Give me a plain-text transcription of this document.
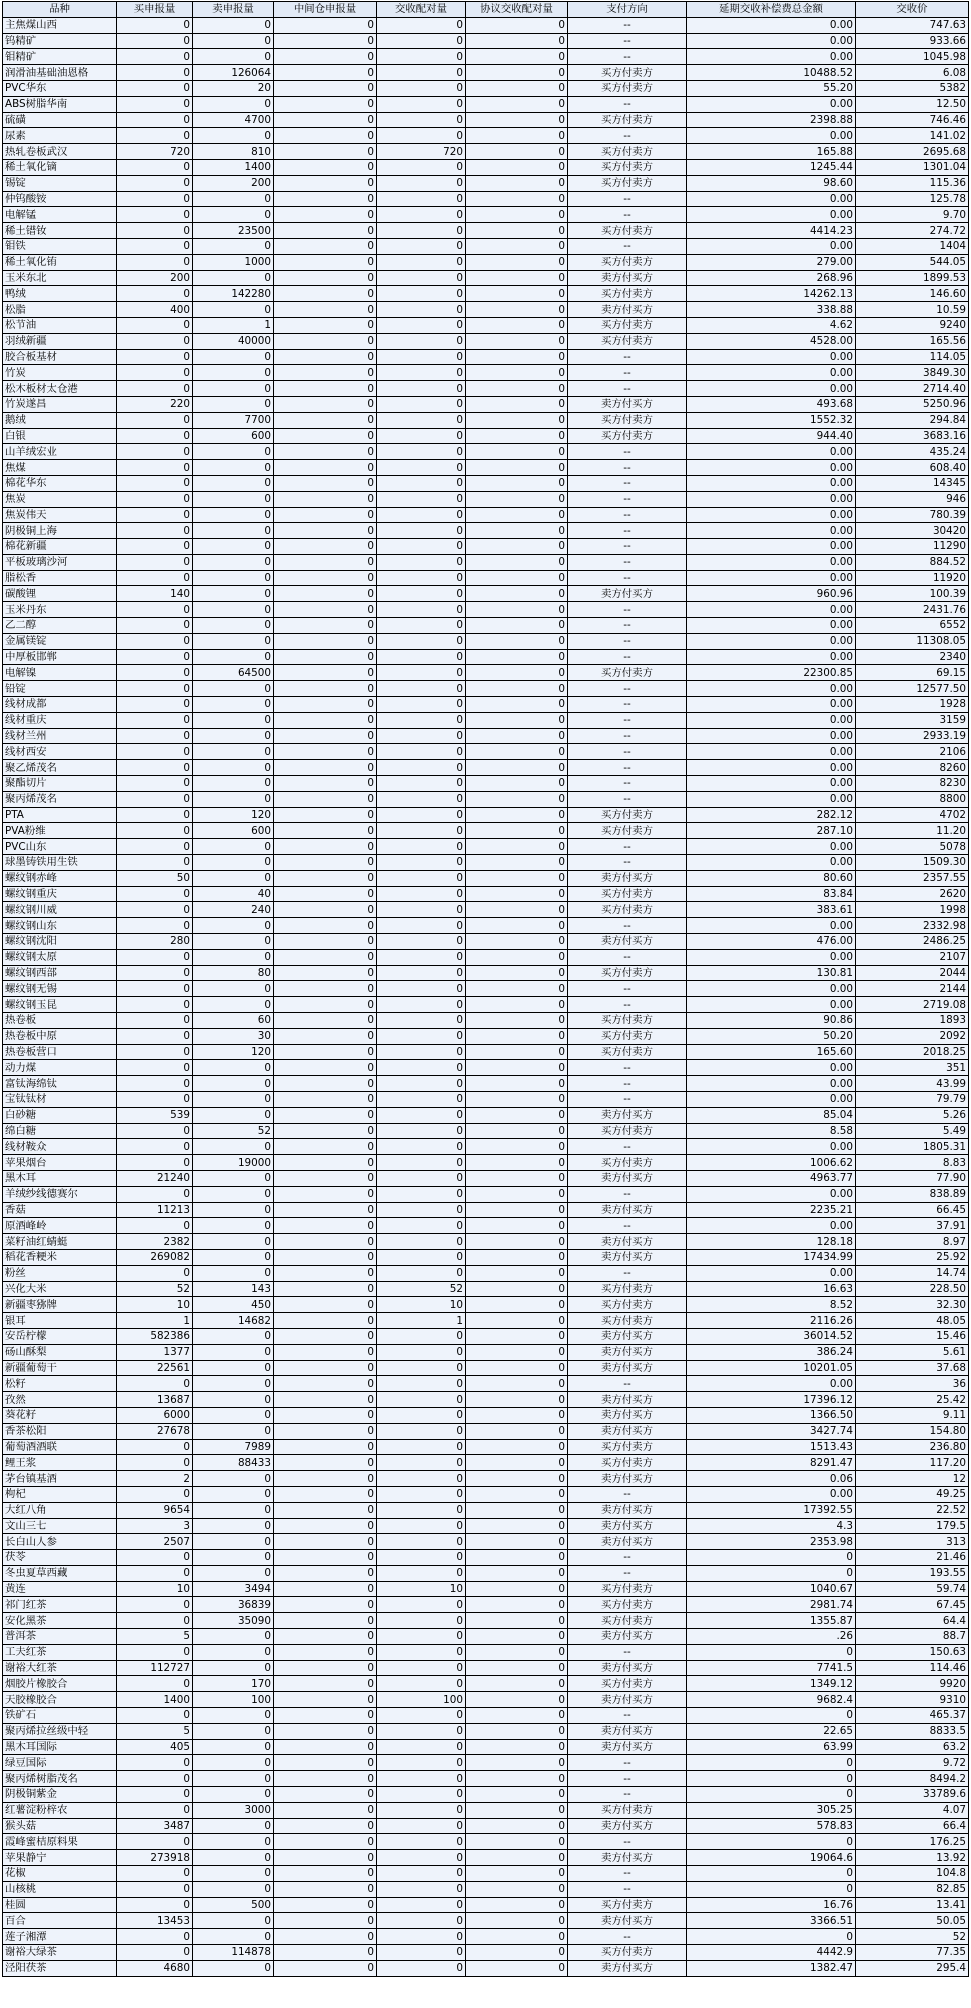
品种	买申报量	卖申报量	中间仓申报量	交收配对量	协议交收配对量	支付方向	延期交收补偿费总金额	交收价
主焦煤山西	0	0	0	0	0	--	0.00	747.63
钨精矿	0	0	0	0	0	--	0.00	933.66
钼精矿	0	0	0	0	0	--	0.00	1045.98
润滑油基础油恩格	0	126064	0	0	0	买方付卖方	10488.52	6.08
PVC华东	0	20	0	0	0	买方付卖方	55.20	5382
ABS树脂华南	0	0	0	0	0	--	0.00	12.50
硫磺	0	4700	0	0	0	买方付卖方	2398.88	746.46
尿素	0	0	0	0	0	--	0.00	141.02
热轧卷板武汉	720	810	0	720	0	买方付卖方	165.88	2695.68
稀土氧化镝	0	1400	0	0	0	买方付卖方	1245.44	1301.04
锡锭	0	200	0	0	0	买方付卖方	98.60	115.36
仲钨酸铵	0	0	0	0	0	--	0.00	125.78
电解锰	0	0	0	0	0	--	0.00	9.70
稀土镨钕	0	23500	0	0	0	买方付卖方	4414.23	274.72
钼铁	0	0	0	0	0	--	0.00	1404
稀土氧化铕	0	1000	0	0	0	买方付卖方	279.00	544.05
玉米东北	200	0	0	0	0	卖方付买方	268.96	1899.53
鸭绒	0	142280	0	0	0	买方付卖方	14262.13	146.60
松脂	400	0	0	0	0	卖方付买方	338.88	10.59
松节油	0	1	0	0	0	买方付卖方	4.62	9240
羽绒新疆	0	40000	0	0	0	买方付卖方	4528.00	165.56
胶合板基材	0	0	0	0	0	--	0.00	114.05
竹炭	0	0	0	0	0	--	0.00	3849.30
松木板材太仓港	0	0	0	0	0	--	0.00	2714.40
竹炭遂昌	220	0	0	0	0	卖方付买方	493.68	5250.96
鹅绒	0	7700	0	0	0	买方付卖方	1552.32	294.84
白银	0	600	0	0	0	买方付卖方	944.40	3683.16
山羊绒宏业	0	0	0	0	0	--	0.00	435.24
焦煤	0	0	0	0	0	--	0.00	608.40
棉花华东	0	0	0	0	0	--	0.00	14345
焦炭	0	0	0	0	0	--	0.00	946
焦炭伟天	0	0	0	0	0	--	0.00	780.39
阴极铜上海	0	0	0	0	0	--	0.00	30420
棉花新疆	0	0	0	0	0	--	0.00	11290
平板玻璃沙河	0	0	0	0	0	--	0.00	884.52
脂松香	0	0	0	0	0	--	0.00	11920
碳酸锂	140	0	0	0	0	卖方付买方	960.96	100.39
玉米丹东	0	0	0	0	0	--	0.00	2431.76
乙二醇	0	0	0	0	0	--	0.00	6552
金属镁锭	0	0	0	0	0	--	0.00	11308.05
中厚板邯郸	0	0	0	0	0	--	0.00	2340
电解镍	0	64500	0	0	0	买方付卖方	22300.85	69.15
铅锭	0	0	0	0	0	--	0.00	12577.50
线材成都	0	0	0	0	0	--	0.00	1928
线材重庆	0	0	0	0	0	--	0.00	3159
线材兰州	0	0	0	0	0	--	0.00	2933.19
线材西安	0	0	0	0	0	--	0.00	2106
聚乙烯茂名	0	0	0	0	0	--	0.00	8260
聚酯切片	0	0	0	0	0	--	0.00	8230
聚丙烯茂名	0	0	0	0	0	--	0.00	8800
PTA	0	120	0	0	0	买方付卖方	282.12	4702
PVA粉维	0	600	0	0	0	买方付卖方	287.10	11.20
PVC山东	0	0	0	0	0	--	0.00	5078
球墨铸铁用生铁	0	0	0	0	0	--	0.00	1509.30
螺纹钢赤峰	50	0	0	0	0	卖方付买方	80.60	2357.55
螺纹钢重庆	0	40	0	0	0	买方付卖方	83.84	2620
螺纹钢川威	0	240	0	0	0	买方付卖方	383.61	1998
螺纹钢山东	0	0	0	0	0	--	0.00	2332.98
螺纹钢沈阳	280	0	0	0	0	卖方付买方	476.00	2486.25
螺纹钢太原	0	0	0	0	0	--	0.00	2107
螺纹钢西部	0	80	0	0	0	买方付卖方	130.81	2044
螺纹钢无锡	0	0	0	0	0	--	0.00	2144
螺纹钢玉昆	0	0	0	0	0	--	0.00	2719.08
热卷板	0	60	0	0	0	买方付卖方	90.86	1893
热卷板中原	0	30	0	0	0	买方付卖方	50.20	2092
热卷板营口	0	120	0	0	0	买方付卖方	165.60	2018.25
动力煤	0	0	0	0	0	--	0.00	351
富钛海绵钛	0	0	0	0	0	--	0.00	43.99
宝钛钛材	0	0	0	0	0	--	0.00	79.79
白砂糖	539	0	0	0	0	卖方付买方	85.04	5.26
绵白糖	0	52	0	0	0	买方付卖方	8.58	5.49
线材鞍众	0	0	0	0	0	--	0.00	1805.31
苹果烟台	0	19000	0	0	0	买方付卖方	1006.62	8.83
黑木耳	21240	0	0	0	0	卖方付买方	4963.77	77.90
羊绒纱线德赛尔	0	0	0	0	0	--	0.00	838.89
香菇	11213	0	0	0	0	卖方付买方	2235.21	66.45
原酒峰岭	0	0	0	0	0	--	0.00	37.91
菜籽油红蜻蜓	2382	0	0	0	0	卖方付买方	128.18	8.97
稻花香粳米	269082	0	0	0	0	卖方付买方	17434.99	25.92
粉丝	0	0	0	0	0	--	0.00	14.74
兴化大米	52	143	0	52	0	买方付卖方	16.63	228.50
新疆枣猕牌	10	450	0	10	0	买方付卖方	8.52	32.30
银耳	1	14682	0	1	0	买方付卖方	2116.26	48.05
安岳柠檬	582386	0	0	0	0	卖方付买方	36014.52	15.46
砀山酥梨	1377	0	0	0	0	卖方付买方	386.24	5.61
新疆葡萄干	22561	0	0	0	0	卖方付买方	10201.05	37.68
松籽	0	0	0	0	0	--	0.00	36
孜然	13687	0	0	0	0	卖方付买方	17396.12	25.42
葵花籽	6000	0	0	0	0	卖方付买方	1366.50	9.11
香茶松阳	27678	0	0	0	0	卖方付买方	3427.74	154.80
葡萄酒酒联	0	7989	0	0	0	买方付卖方	1513.43	236.80
鲤王浆	0	88433	0	0	0	买方付卖方	8291.47	117.20
茅台镇基酒	2	0	0	0	0	卖方付买方	0.06	12
枸杞	0	0	0	0	0	--	0.00	49.25
大红八角	9654	0	0	0	0	卖方付买方	17392.55	22.52
文山三七	3	0	0	0	0	卖方付买方	4.3	179.5
长白山人参	2507	0	0	0	0	卖方付买方	2353.98	313
茯苓	0	0	0	0	0	--	0	21.46
冬虫夏草西藏	0	0	0	0	0	--	0	193.55
黄连	10	3494	0	10	0	买方付卖方	1040.67	59.74
祁门红茶	0	36839	0	0	0	买方付卖方	2981.74	67.45
安化黑茶	0	35090	0	0	0	买方付卖方	1355.87	64.4
普洱茶	5	0	0	0	0	卖方付买方	.26	88.7
工夫红茶	0	0	0	0	0	--	0	150.63
谢裕大红茶	112727	0	0	0	0	卖方付买方	7741.5	114.46
烟胶片橡胶合	0	170	0	0	0	买方付卖方	1349.12	9920
天胶橡胶合	1400	100	0	100	0	卖方付买方	9682.4	9310
铁矿石	0	0	0	0	0	--	0	465.37
聚丙烯拉丝级中轻	5	0	0	0	0	卖方付买方	22.65	8833.5
黑木耳国际	405	0	0	0	0	卖方付买方	63.99	63.2
绿豆国际	0	0	0	0	0	--	0	9.72
聚丙烯树脂茂名	0	0	0	0	0	--	0	8494.2
阴极铜紫金	0	0	0	0	0	--	0	33789.6
红薯淀粉梓农	0	3000	0	0	0	买方付卖方	305.25	4.07
猴头菇	3487	0	0	0	0	卖方付买方	578.83	66.4
霞峰蜜桔原料果	0	0	0	0	0	--	0	176.25
苹果静宁	273918	0	0	0	0	卖方付买方	19064.6	13.92
花椒	0	0	0	0	0	--	0	104.8
山核桃	0	0	0	0	0	--	0	82.85
桂圆	0	500	0	0	0	买方付卖方	16.76	13.41
百合	13453	0	0	0	0	卖方付买方	3366.51	50.05
莲子湘潭	0	0	0	0	0	--	0	52
谢裕大绿茶	0	114878	0	0	0	买方付卖方	4442.9	77.35
泾阳茯茶	4680	0	0	0	0	卖方付买方	1382.47	295.4
